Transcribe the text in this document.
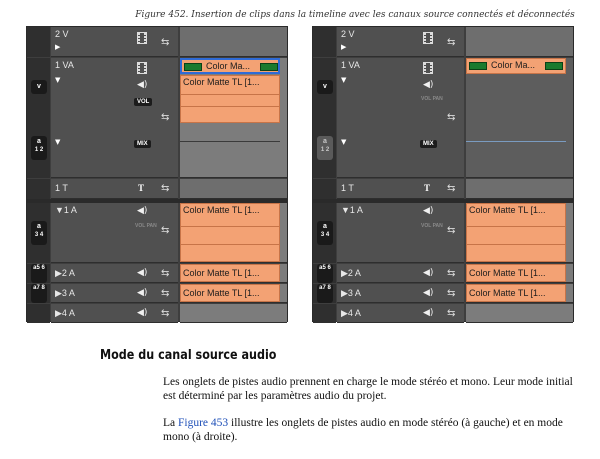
Figure 452. Insertion de clips dans la timeline avec les canaux source connectés et déconnectés
2 V
▶	⇆
v
a
1 2
1 VA
▼	◀)
VOL
⇆
▼	MIX
Color Ma...
Color Matte TL [1...
1 T	T ⇆
a
3 4
▼1 A	◀)
VOL PAN ⇆
Color Matte TL [1...
a5 6 ▶2 A	◀) ⇆	Color Matte TL [1...
a7 8 ▶3 A	◀) ⇆	Color Matte TL [1...
▶4 A	◀) ⇆
2 V
▶	⇆
v
a
1 2
1 VA
▼	◀)
VOL PAN
⇆
▼	MIX
Color Ma...
1 T	T ⇆
a
3 4
▼1 A	◀)
VOL PAN ⇆
Color Matte TL [1...
a5 6 ▶2 A	◀) ⇆	Color Matte TL [1...
a7 8 ▶3 A	◀) ⇆	Color Matte TL [1...
▶4 A	◀) ⇆
Mode du canal source audio

Les onglets de pistes audio prennent en charge le mode stéréo et mono. Leur mode initial est déterminé par les paramètres audio du projet.

La Figure 453 illustre les onglets de pistes audio en mode stéréo (à gauche) et en mode mono (à droite).
